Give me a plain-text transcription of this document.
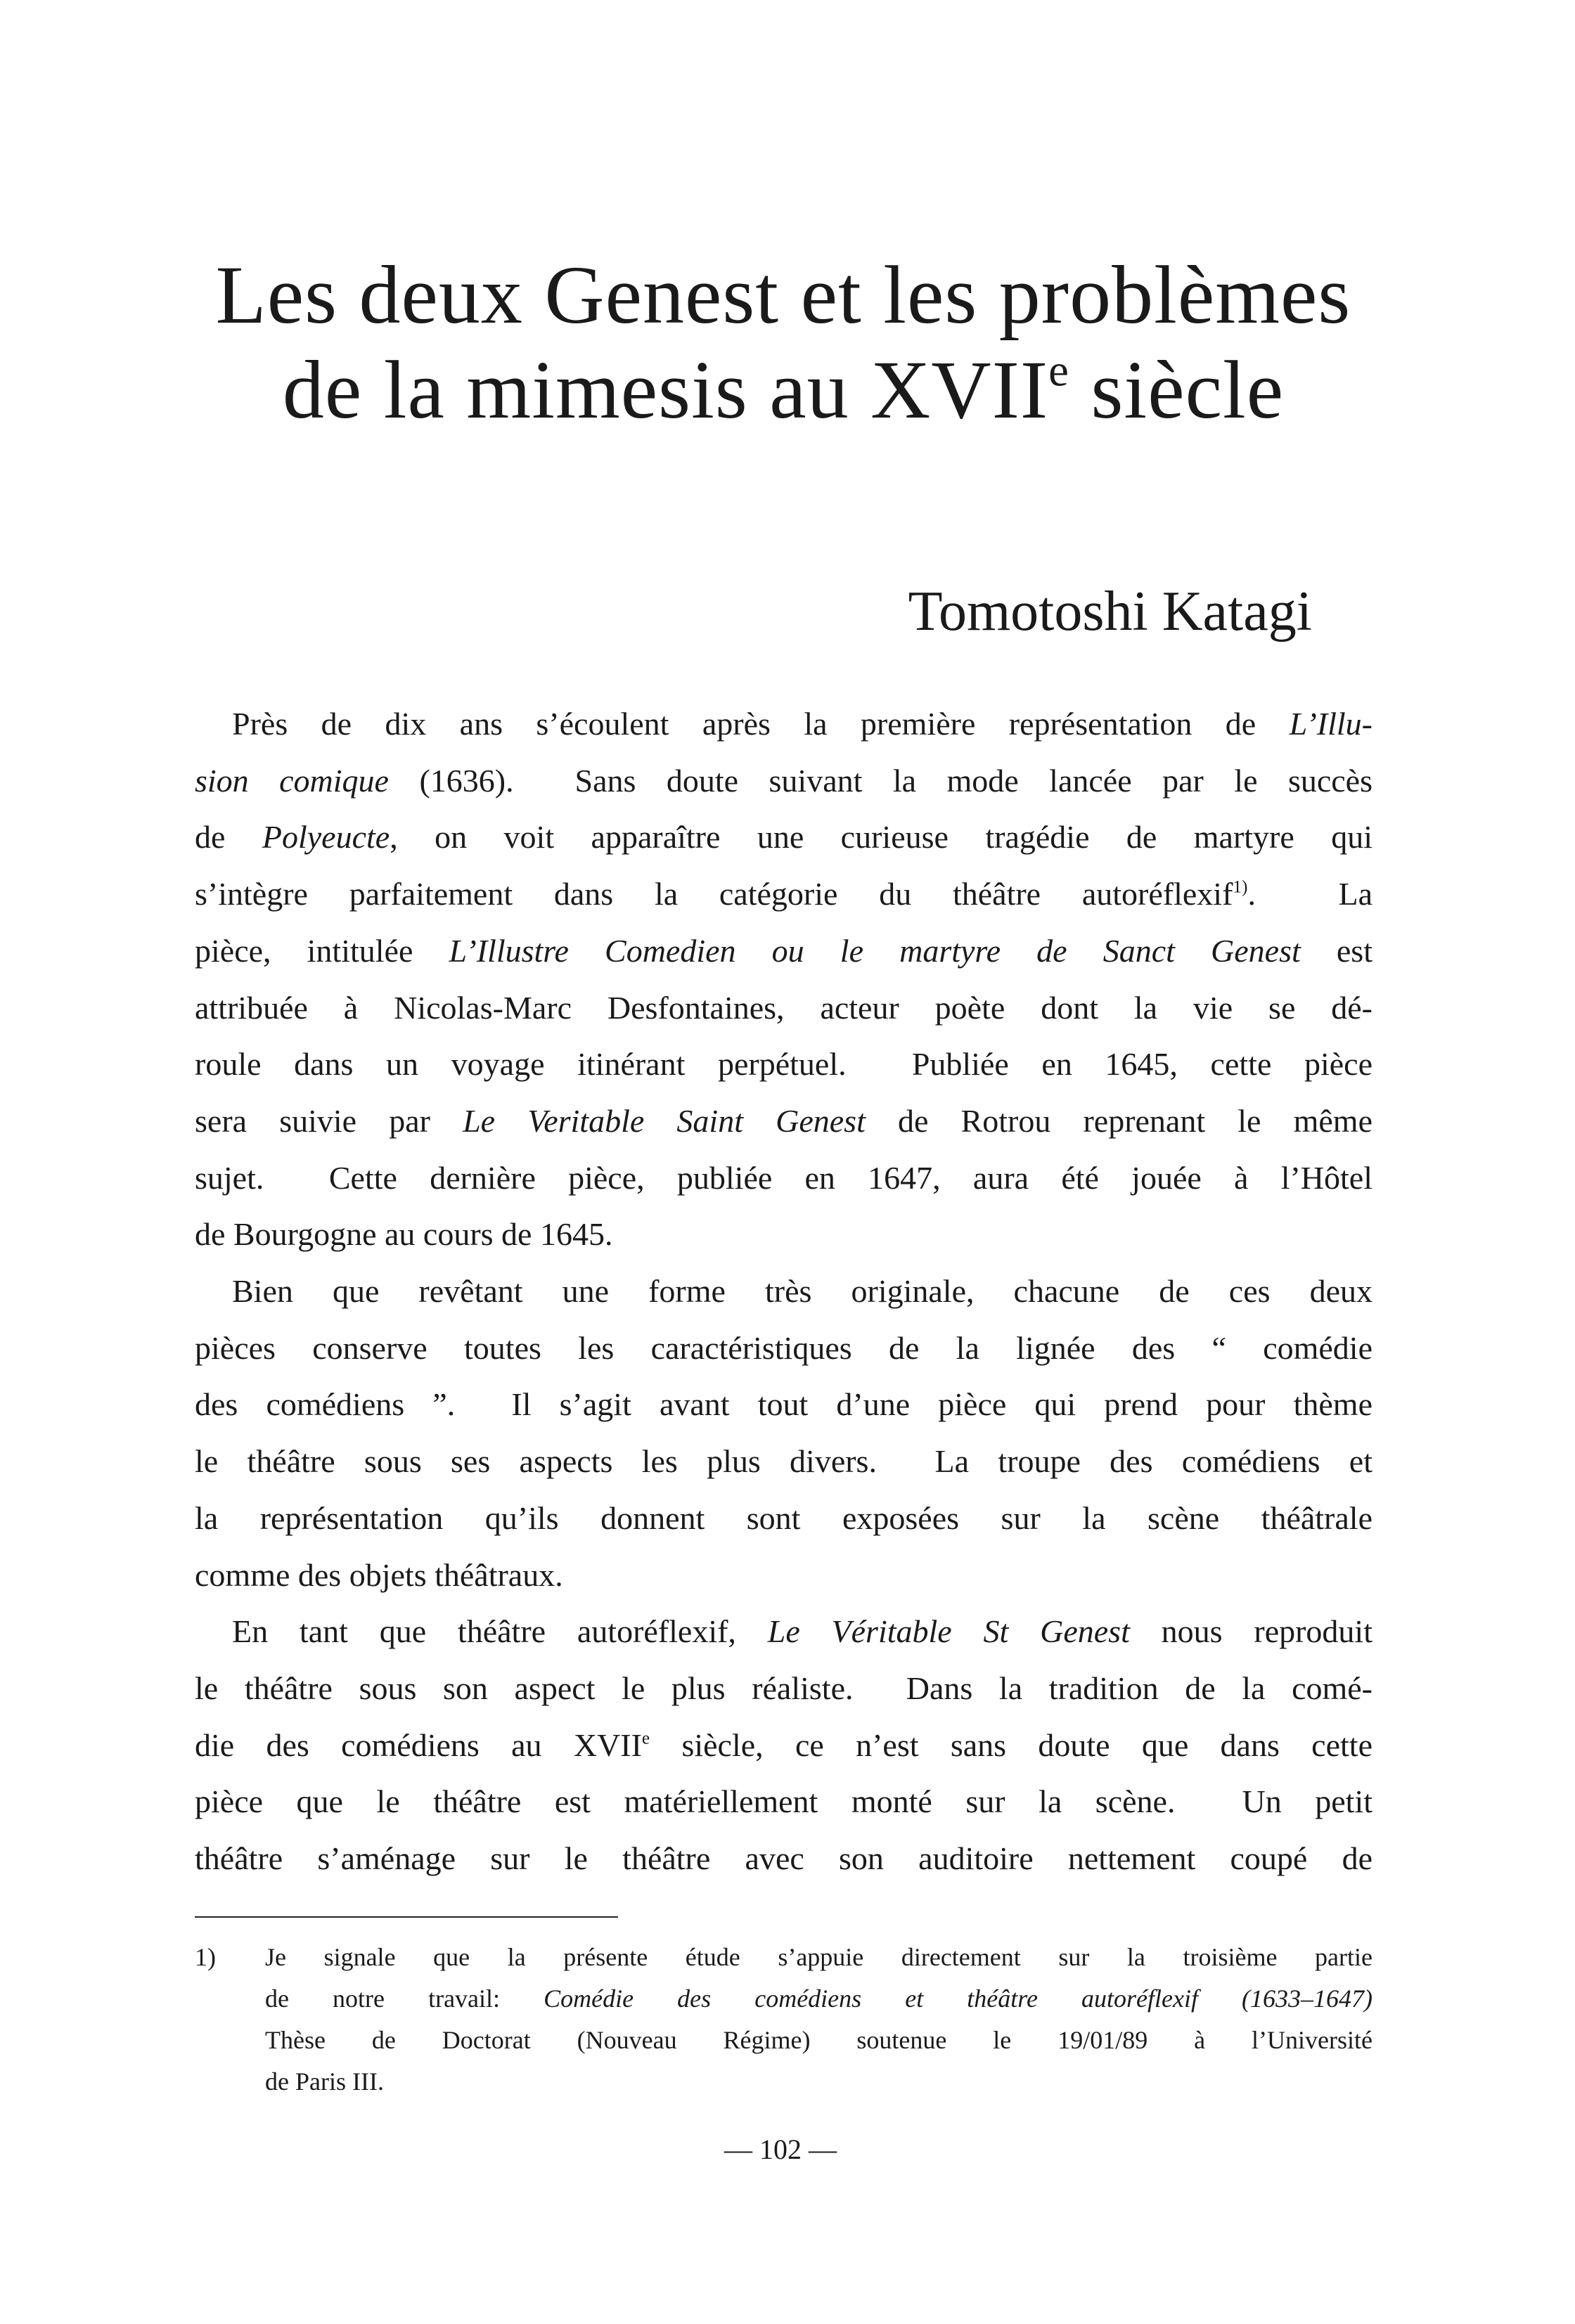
Les deux Genest et les problèmes
de la mimesis au XVIIe siècle
Tomotoshi Katagi
Près de dix ans s’écoulent après la première représentation de L’Illu-
sion comique (1636).  Sans doute suivant la mode lancée par le succès
de Polyeucte, on voit apparaître une curieuse tragédie de martyre qui
s’intègre parfaitement dans la catégorie du théâtre autoréflexif$^{1)}$.  La
pièce, intitulée L’Illustre Comedien ou le martyre de Sanct Genest est
attribuée à Nicolas-Marc Desfontaines, acteur poète dont la vie se dé-
roule dans un voyage itinérant perpétuel.  Publiée en 1645, cette pièce
sera suivie par Le Veritable Saint Genest de Rotrou reprenant le même
sujet.  Cette dernière pièce, publiée en 1647, aura été jouée à l’Hôtel
de Bourgogne au cours de 1645.
Bien que revêtant une forme très originale, chacune de ces deux
pièces conserve toutes les caractéristiques de la lignée des “ comédie
des comédiens ”.  Il s’agit avant tout d’une pièce qui prend pour thème
le théâtre sous ses aspects les plus divers.  La troupe des comédiens et
la représentation qu’ils donnent sont exposées sur la scène théâtrale
comme des objets théâtraux.
En tant que théâtre autoréflexif, Le Véritable St Genest nous reproduit
le théâtre sous son aspect le plus réaliste.  Dans la tradition de la comé-
die des comédiens au XVIIe siècle, ce n’est sans doute que dans cette
pièce que le théâtre est matériellement monté sur la scène.  Un petit
théâtre s’aménage sur le théâtre avec son auditoire nettement coupé de
1) Je signale que la présente étude s’appuie directement sur la troisième partie
de notre travail: Comédie des comédiens et théâtre autoréflexif (1633–1647)
Thèse de Doctorat (Nouveau Régime) soutenue le 19/01/89 à l’Université
de Paris III.
— 102 —
